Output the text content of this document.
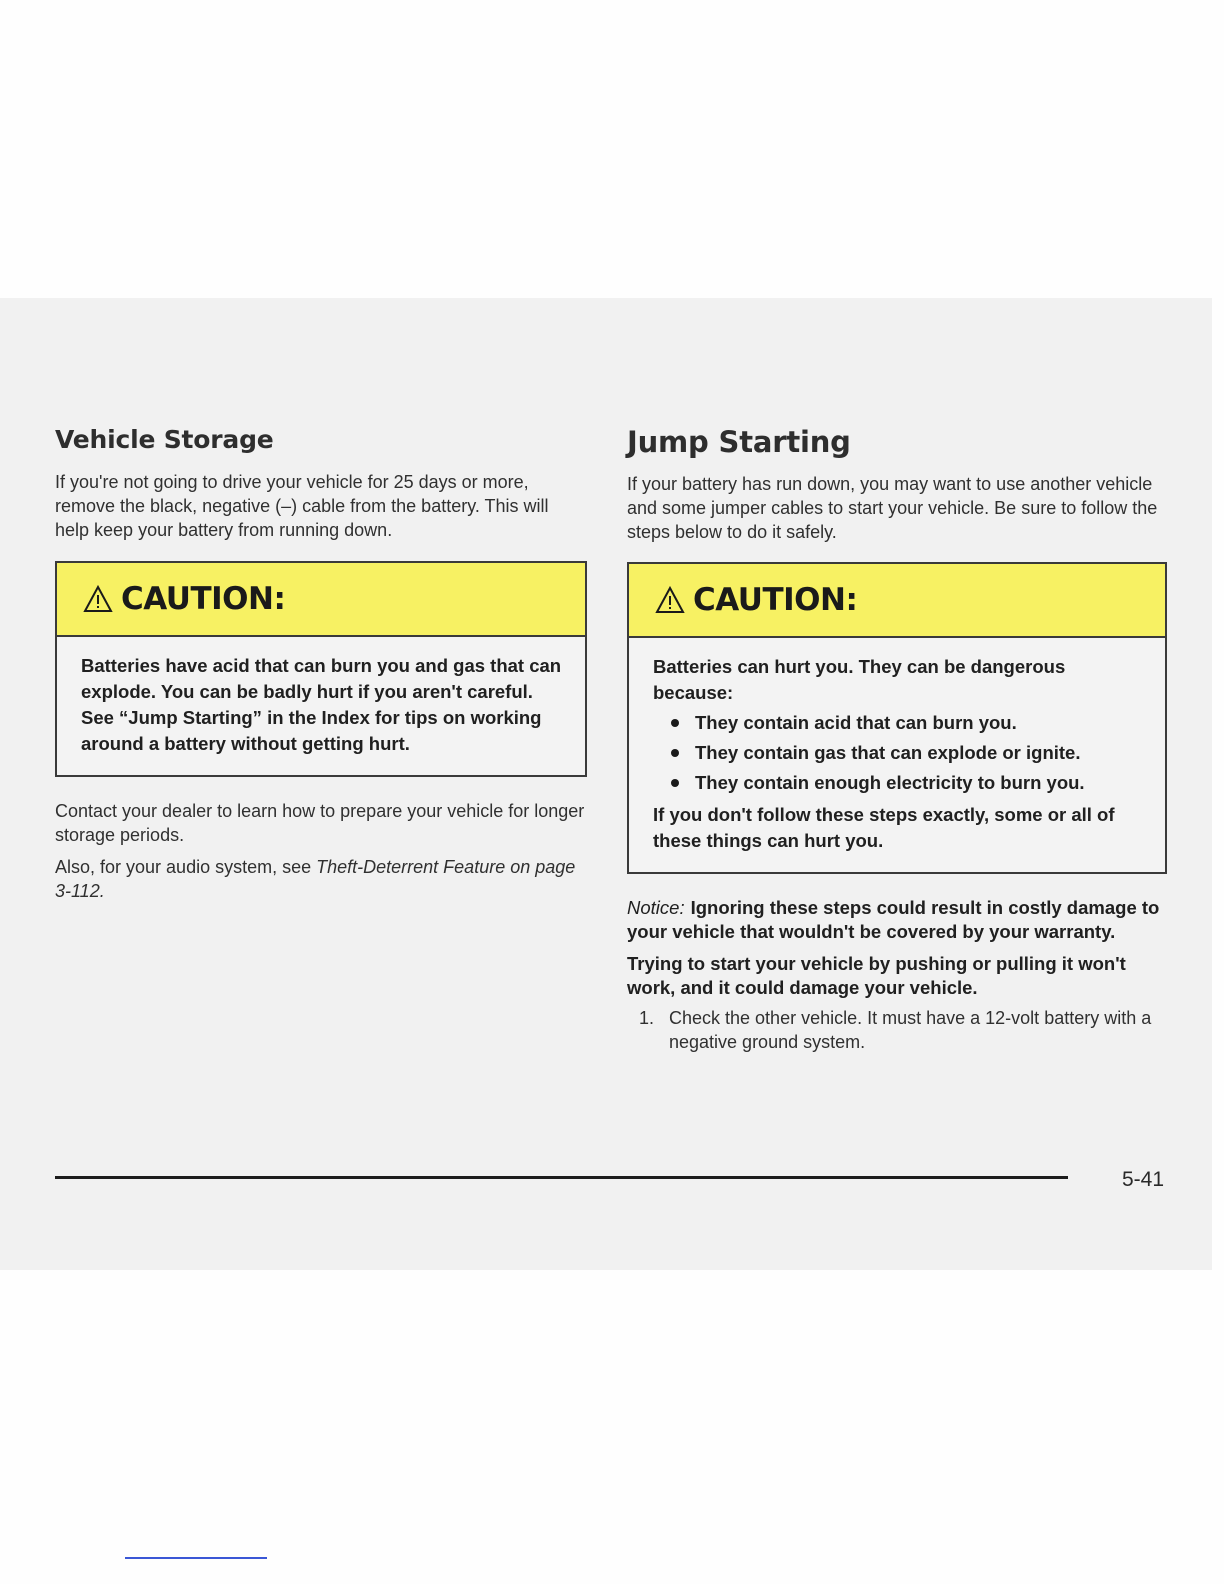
Vehicle Storage

If you're not going to drive your vehicle for 25 days or more, remove the black, negative (–) cable from the battery. This will help keep your battery from running down.

CAUTION:
Batteries have acid that can burn you and gas that can explode. You can be badly hurt if you aren't careful. See “Jump Starting” in the Index for tips on working around a battery without getting hurt.

Contact your dealer to learn how to prepare your vehicle for longer storage periods.

Also, for your audio system, see Theft-Deterrent Feature on page 3-112.

Jump Starting

If your battery has run down, you may want to use another vehicle and some jumper cables to start your vehicle. Be sure to follow the steps below to do it safely.

CAUTION:

Batteries can hurt you. They can be dangerous because:

They contain acid that can burn you.
They contain gas that can explode or ignite.
They contain enough electricity to burn you.

If you don't follow these steps exactly, some or all of these things can hurt you.

Notice: Ignoring these steps could result in costly damage to your vehicle that wouldn't be covered by your warranty.

Trying to start your vehicle by pushing or pulling it won't work, and it could damage your vehicle.

1. Check the other vehicle. It must have a 12-volt battery with a negative ground system.
5-41
